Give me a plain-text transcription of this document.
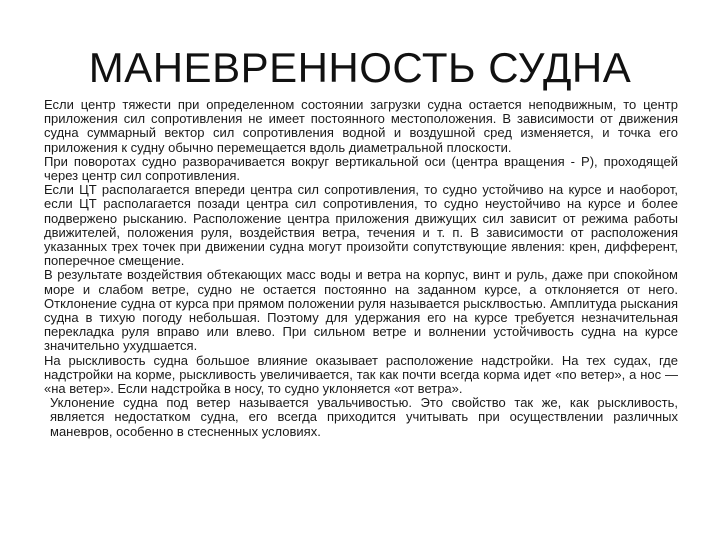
МАНЕВРЕННОСТЬ СУДНА

Если центр тяжести при определенном состоянии загрузки судна остается неподвижным, то центр приложения сил сопротивления не имеет постоянного местоположения. В зависимости от движения судна суммарный вектор сил сопротивления водной и воздушной сред изменяется, и точка его приложения к судну обычно перемещается вдоль диаметральной плоскости.

При поворотах судно разворачивается вокруг вертикальной оси (центра вращения - Р), проходящей через центр сил сопротивления.

Если ЦТ располагается впереди центра сил сопротивления, то судно устойчиво на курсе и наоборот, если ЦТ располагается позади центра сил сопротивления, то судно неустойчиво на курсе и более подвержено рысканию. Расположение центра приложения движущих сил зависит от режима работы движителей, положения руля, воздействия ветра, течения и т. п. В зависимости от расположения указанных трех точек при движении судна могут произойти сопутствующие явления: крен, дифферент, поперечное смещение.

В результате воздействия обтекающих масс воды и ветра на корпус, винт и руль, даже при спокойном море и слабом ветре, судно не остается постоянно на заданном курсе, а отклоняется от него. Отклонение судна от курса при прямом положении руля называется рысклвостью. Амплитуда рыскания судна в тихую погоду небольшая. Поэтому для удержания его на курсе требуется незначительная перекладка руля вправо или влево. При сильном ветре и волнении устойчивость судна на курсе значительно ухудшается.

На рыскливость судна большое влияние оказывает расположение надстройки. На тех судах, где надстройки на корме, рыскливость увеличивается, так как почти всегда корма идет «по ветер», а нос — «на ветер». Если надстройка в носу, то судно уклоняется «от ветра».

Уклонение судна под ветер называется увальчивостью. Это свойство так же, как рыскливость, является недостатком судна, его всегда приходится учитывать при осуществлении различных маневров, особенно в стесненных условиях.
